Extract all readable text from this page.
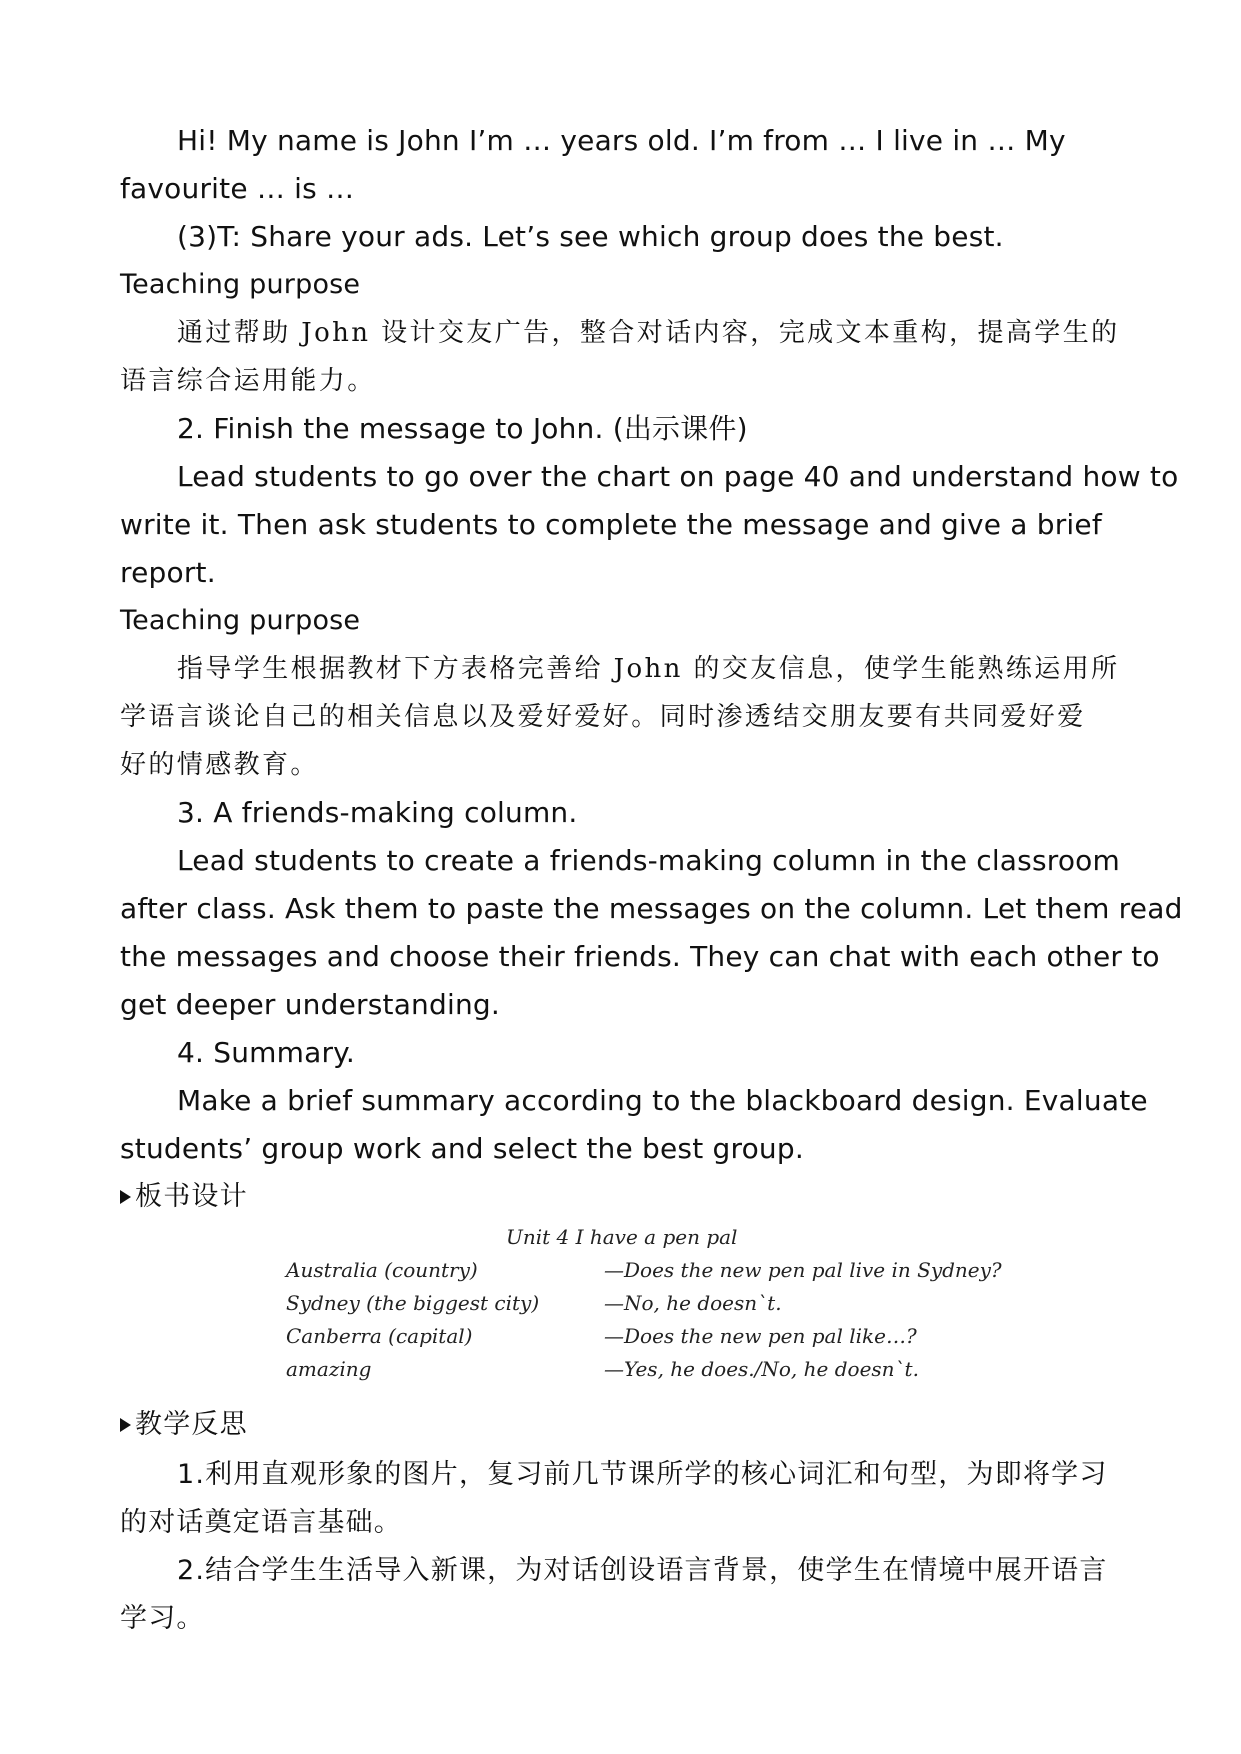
Hi! My name is John I’m … years old. I’m from … I live in … My
favourite … is …
(3)T: Share your ads. Let’s see which group does the best.
Teaching purpose
通过帮助 John 设计交友广告，整合对话内容，完成文本重构，提高学生的
语言综合运用能力。
2. Finish the message to John. (出示课件)
Lead students to go over the chart on page 40 and understand how to
write it. Then ask students to complete the message and give a brief
report.
Teaching purpose
指导学生根据教材下方表格完善给 John 的交友信息，使学生能熟练运用所
学语言谈论自己的相关信息以及爱好爱好。同时渗透结交朋友要有共同爱好爱
好的情感教育。
3. A friends-making column.
Lead students to create a friends-making column in the classroom
after class. Ask them to paste the messages on the column. Let them read
the messages and choose their friends. They can chat with each other to
get deeper understanding.
4. Summary.
Make a brief summary according to the blackboard design. Evaluate
students’ group work and select the best group.
板书设计
Unit 4 I have a pen pal
Australia (country)
Sydney (the biggest city)
Canberra (capital)
amazing
—Does the new pen pal live in Sydney?
—No, he doesn`t.
—Does the new pen pal like…?
—Yes, he does./No, he doesn`t.
教学反思
1.利用直观形象的图片，复习前几节课所学的核心词汇和句型，为即将学习
的对话奠定语言基础。
2.结合学生生活导入新课，为对话创设语言背景，使学生在情境中展开语言
学习。
